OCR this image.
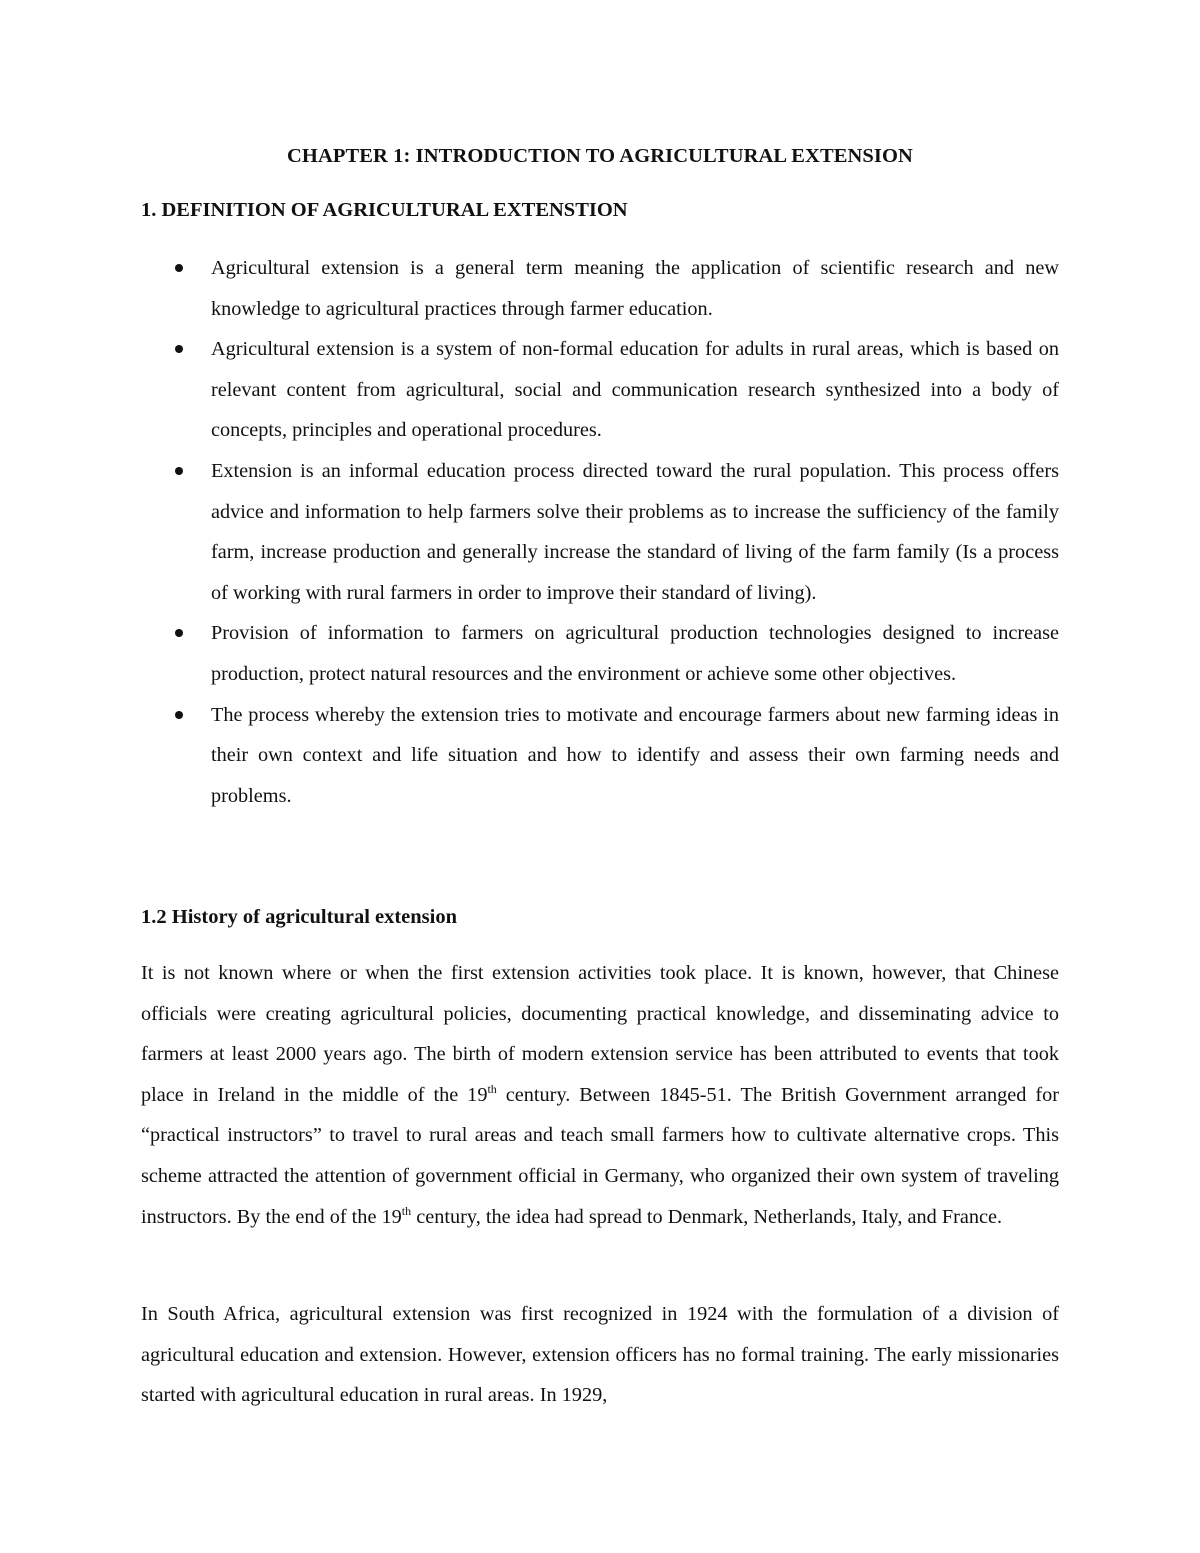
CHAPTER 1: INTRODUCTION TO AGRICULTURAL EXTENSION
1. DEFINITION OF AGRICULTURAL EXTENSTION
Agricultural extension is a general term meaning the application of scientific research and new knowledge to agricultural practices through farmer education.
Agricultural extension is a system of non-formal education for adults in rural areas, which is based on relevant content from agricultural, social and communication research synthesized into a body of concepts, principles and operational procedures.
Extension is an informal education process directed toward the rural population. This process offers advice and information to help farmers solve their problems as to increase the sufficiency of the family farm, increase production and generally increase the standard of living of the farm family (Is a process of working with rural farmers in order to improve their standard of living).
Provision of information to farmers on agricultural production technologies designed to increase production, protect natural resources and the environment or achieve some other objectives.
The process whereby the extension tries to motivate and encourage farmers about new farming ideas in their own context and life situation and how to identify and assess their own farming needs and problems.
1.2 History of agricultural extension

It is not known where or when the first extension activities took place. It is known, however, that Chinese officials were creating agricultural policies, documenting practical knowledge, and disseminating advice to farmers at least 2000 years ago. The birth of modern extension service has been attributed to events that took place in Ireland in the middle of the 19th century. Between 1845-51. The British Government arranged for “practical instructors” to travel to rural areas and teach small farmers how to cultivate alternative crops. This scheme attracted the attention of government official in Germany, who organized their own system of traveling instructors. By the end of the 19th century, the idea had spread to Denmark, Netherlands, Italy, and France.

In South Africa, agricultural extension was first recognized in 1924 with the formulation of a division of agricultural education and extension. However, extension officers has no formal training. The early missionaries started with agricultural education in rural areas. In 1929,
